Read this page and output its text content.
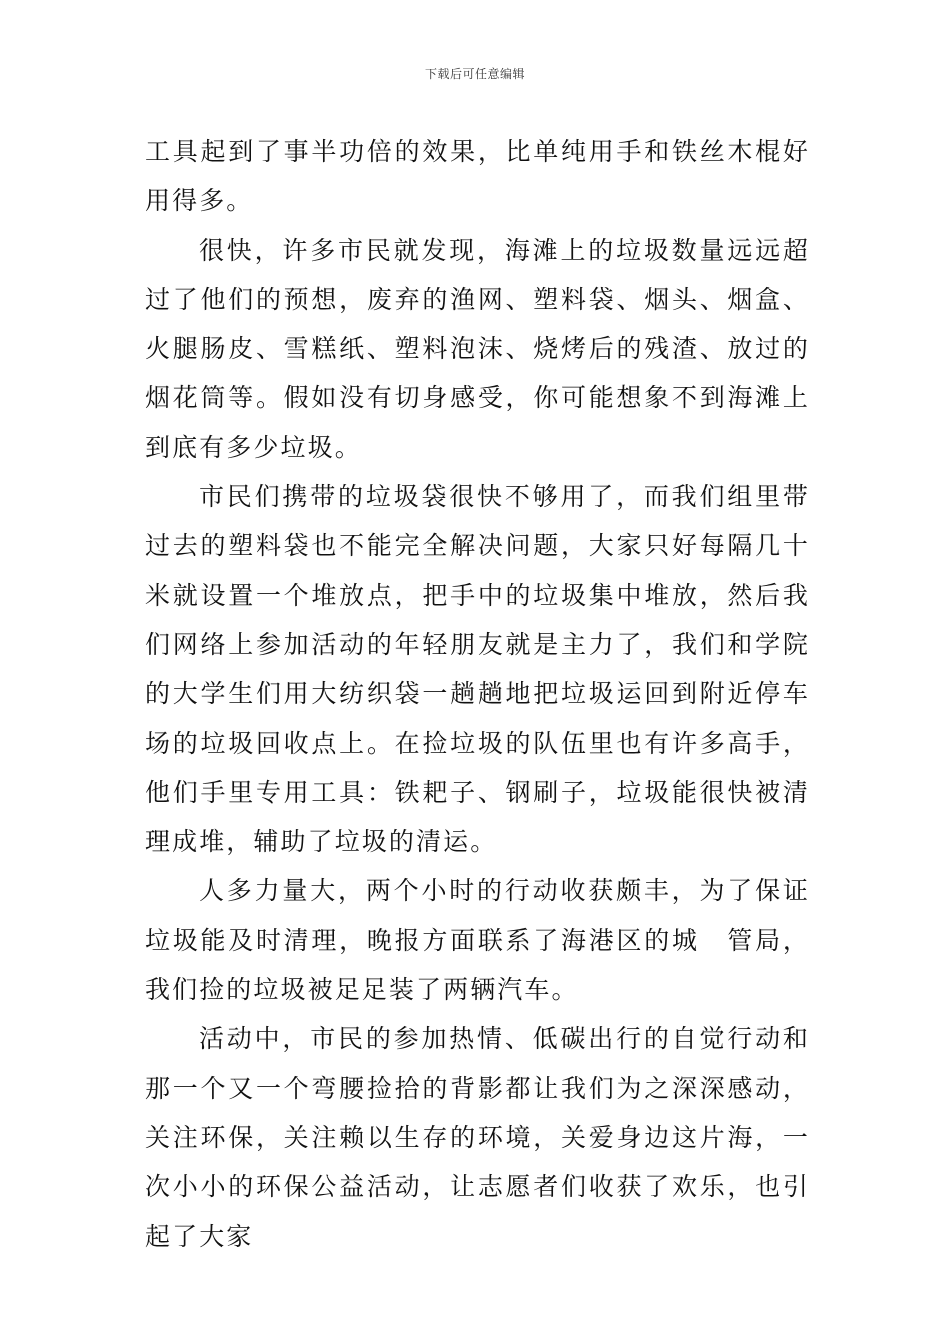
下载后可任意编辑

工具起到了事半功倍的效果，比单纯用手和铁丝木棍好用得多。

很快，许多市民就发现，海滩上的垃圾数量远远超过了他们的预想，废弃的渔网、塑料袋、烟头、烟盒、火腿肠皮、雪糕纸、塑料泡沫、烧烤后的残渣、放过的烟花筒等。假如没有切身感受，你可能想象不到海滩上到底有多少垃圾。

市民们携带的垃圾袋很快不够用了，而我们组里带过去的塑料袋也不能完全解决问题，大家只好每隔几十米就设置一个堆放点，把手中的垃圾集中堆放，然后我们网络上参加活动的年轻朋友就是主力了，我们和学院的大学生们用大纺织袋一趟趟地把垃圾运回到附近停车场的垃圾回收点上。在捡垃圾的队伍里也有许多高手，他们手里专用工具：铁耙子、钢刷子，垃圾能很快被清理成堆，辅助了垃圾的清运。

人多力量大，两个小时的行动收获颇丰，为了保证垃圾能及时清理，晚报方面联系了海港区的城　管局，我们捡的垃圾被足足装了两辆汽车。

活动中，市民的参加热情、低碳出行的自觉行动和那一个又一个弯腰捡拾的背影都让我们为之深深感动，关注环保，关注赖以生存的环境，关爱身边这片海，一次小小的环保公益活动，让志愿者们收获了欢乐，也引起了大家
